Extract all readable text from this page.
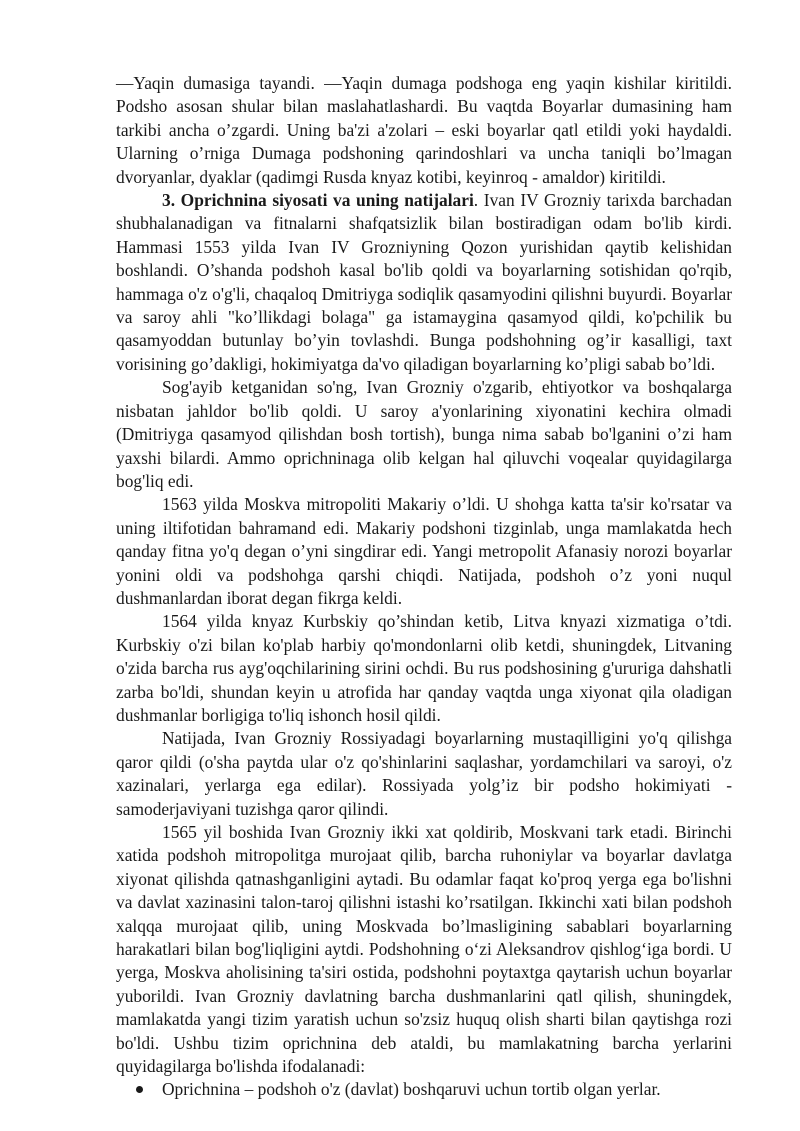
—Yaqin dumasiga tayandi. —Yaqin dumaga podshoga eng yaqin kishilar kiritildi. Podsho asosan shular bilan maslahatlashardi. Bu vaqtda Boyarlar dumasining ham tarkibi ancha o’zgardi. Uning ba'zi a'zolari – eski boyarlar qatl etildi yoki haydaldi. Ularning o’rniga Dumaga podshoning qarindoshlari va uncha taniqli bo’lmagan dvoryanlar, dyaklar (qadimgi Rusda knyaz kotibi, keyinroq - amaldor) kiritildi.

3. Oprichnina siyosati va uning natijalari. Ivan IV Grozniy tarixda barchadan shubhalanadigan va fitnalarni shafqatsizlik bilan bostiradigan odam bo'lib kirdi. Hammasi 1553 yilda Ivan IV Grozniyning Qozon yurishidan qaytib kelishidan boshlandi. O’shanda podshoh kasal bo'lib qoldi va boyarlarning sotishidan qo'rqib, hammaga o'z o'g'li, chaqaloq Dmitriyga sodiqlik qasamyodini qilishni buyurdi. Boyarlar va saroy ahli "ko’llikdagi bolaga" ga istamaygina qasamyod qildi, ko'pchilik bu qasamyoddan butunlay bo’yin tovlashdi. Bunga podshohning og’ir kasalligi, taxt vorisining go’dakligi, hokimiyatga da'vo qiladigan boyarlarning ko’pligi sabab bo’ldi.

Sog'ayib ketganidan so'ng, Ivan Grozniy o'zgarib, ehtiyotkor va boshqalarga nisbatan jahldor bo'lib qoldi. U saroy a'yonlarining xiyonatini kechira olmadi (Dmitriyga qasamyod qilishdan bosh tortish), bunga nima sabab bo'lganini o’zi ham yaxshi bilardi. Ammo oprichninaga olib kelgan hal qiluvchi voqealar quyidagilarga bog'liq edi.

1563 yilda Moskva mitropoliti Makariy o’ldi. U shohga katta ta'sir ko'rsatar va uning iltifotidan bahramand edi. Makariy podshoni tizginlab, unga mamlakatda hech qanday fitna yo'q degan o’yni singdirar edi. Yangi metropolit Afanasiy norozi boyarlar yonini oldi va podshohga qarshi chiqdi. Natijada, podshoh o’z yoni nuqul dushmanlardan iborat degan fikrga keldi.

1564 yilda knyaz Kurbskiy qo’shindan ketib, Litva knyazi xizmatiga o’tdi. Kurbskiy o'zi bilan ko'plab harbiy qo'mondonlarni olib ketdi, shuningdek, Litvaning o'zida barcha rus ayg'oqchilarining sirini ochdi. Bu rus podshosining g'ururiga dahshatli zarba bo'ldi, shundan keyin u atrofida har qanday vaqtda unga xiyonat qila oladigan dushmanlar borligiga to'liq ishonch hosil qildi.

Natijada, Ivan Grozniy Rossiyadagi boyarlarning mustaqilligini yo'q qilishga qaror qildi (o'sha paytda ular o'z qo'shinlarini saqlashar, yordamchilari va saroyi, o'z xazinalari, yerlarga ega edilar). Rossiyada yolg’iz bir podsho hokimiyati - samoderjaviyani tuzishga qaror qilindi.

1565 yil boshida Ivan Grozniy ikki xat qoldirib, Moskvani tark etadi. Birinchi xatida podshoh mitropolitga murojaat qilib, barcha ruhoniylar va boyarlar davlatga xiyonat qilishda qatnashganligini aytadi. Bu odamlar faqat ko'proq yerga ega bo'lishni va davlat xazinasini talon-taroj qilishni istashi ko’rsatilgan. Ikkinchi xati bilan podshoh xalqqa murojaat qilib, uning Moskvada bo’lmasligining sabablari boyarlarning harakatlari bilan bog'liqligini aytdi. Podshohning o‘zi Aleksandrov qishlog‘iga bordi. U yerga, Moskva aholisining ta'siri ostida, podshohni poytaxtga qaytarish uchun boyarlar yuborildi. Ivan Grozniy davlatning barcha dushmanlarini qatl qilish, shuningdek, mamlakatda yangi tizim yaratish uchun so'zsiz huquq olish sharti bilan qaytishga rozi bo'ldi. Ushbu tizim oprichnina deb ataldi, bu mamlakatning barcha yerlarini quyidagilarga bo'lishda ifodalanadi:

Oprichnina – podshoh o'z (davlat) boshqaruvi uchun tortib olgan yerlar.
